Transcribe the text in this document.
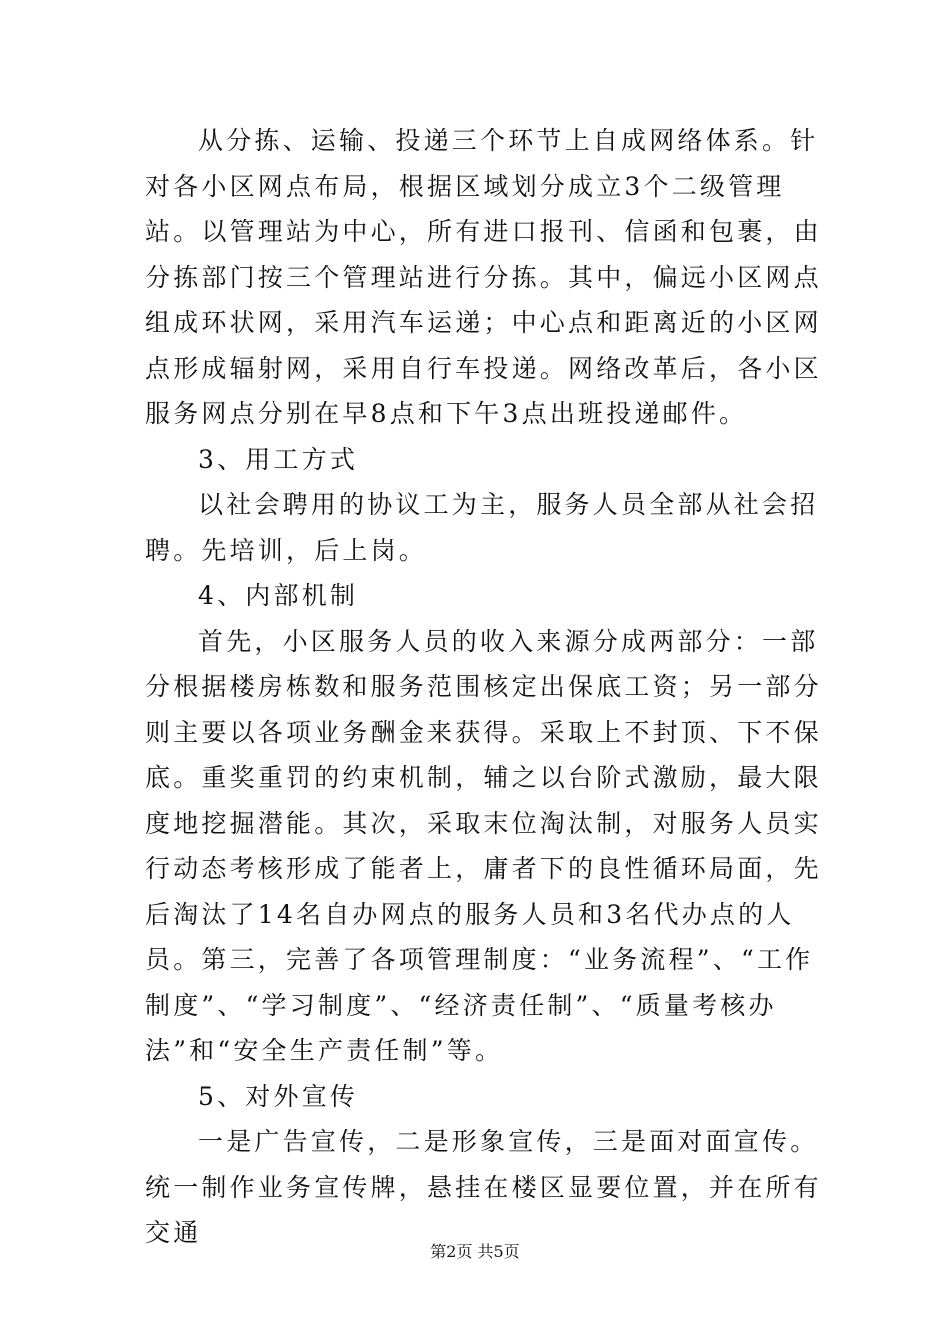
从分拣、运输、投递三个环节上自成网络体系。针对各小区网点布局，根据区域划分成立3个二级管理站。以管理站为中心，所有进口报刊、信函和包裹，由分拣部门按三个管理站进行分拣。其中，偏远小区网点组成环状网，采用汽车运递；中心点和距离近的小区网点形成辐射网，采用自行车投递。网络改革后，各小区服务网点分别在早8点和下午3点出班投递邮件。

3、用工方式

以社会聘用的协议工为主，服务人员全部从社会招聘。先培训，后上岗。

4、内部机制

首先，小区服务人员的收入来源分成两部分：一部分根据楼房栋数和服务范围核定出保底工资；另一部分则主要以各项业务酬金来获得。采取上不封顶、下不保底。重奖重罚的约束机制，辅之以台阶式激励，最大限度地挖掘潜能。其次，采取末位淘汰制，对服务人员实行动态考核形成了能者上，庸者下的良性循环局面，先后淘汰了14名自办网点的服务人员和3名代办点的人员。第三，完善了各项管理制度：“业务流程”、“工作制度”、“学习制度”、“经济责任制”、“质量考核办法”和“安全生产责任制”等。

5、对外宣传

一是广告宣传，二是形象宣传，三是面对面宣传。统一制作业务宣传牌，悬挂在楼区显要位置，并在所有交通

第2页 共5页
